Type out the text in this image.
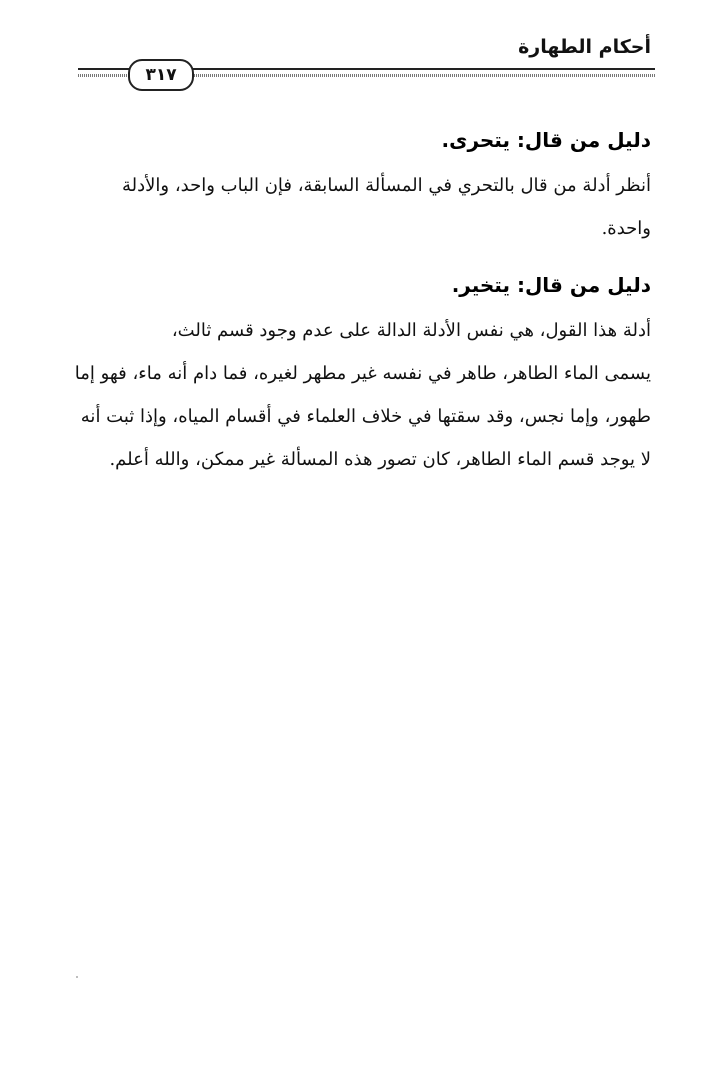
أحكام الطهارة
٣١٧
دليل من قال: يتحرى.
أنظر أدلة من قال بالتحري في المسألة السابقة، فإن الباب واحد، والأدلة
واحدة.
دليل من قال: يتخير.
أدلة هذا القول، هي نفس الأدلة الدالة على عدم وجود قسم ثالث،
يسمى الماء الطاهر، طاهر في نفسه غير مطهر لغيره، فما دام أنه ماء، فهو إما
طهور، وإما نجس، وقد سقتها في خلاف العلماء في أقسام المياه، وإذا ثبت أنه
لا يوجد قسم الماء الطاهر، كان تصور هذه المسألة غير ممكن، والله أعلم.
